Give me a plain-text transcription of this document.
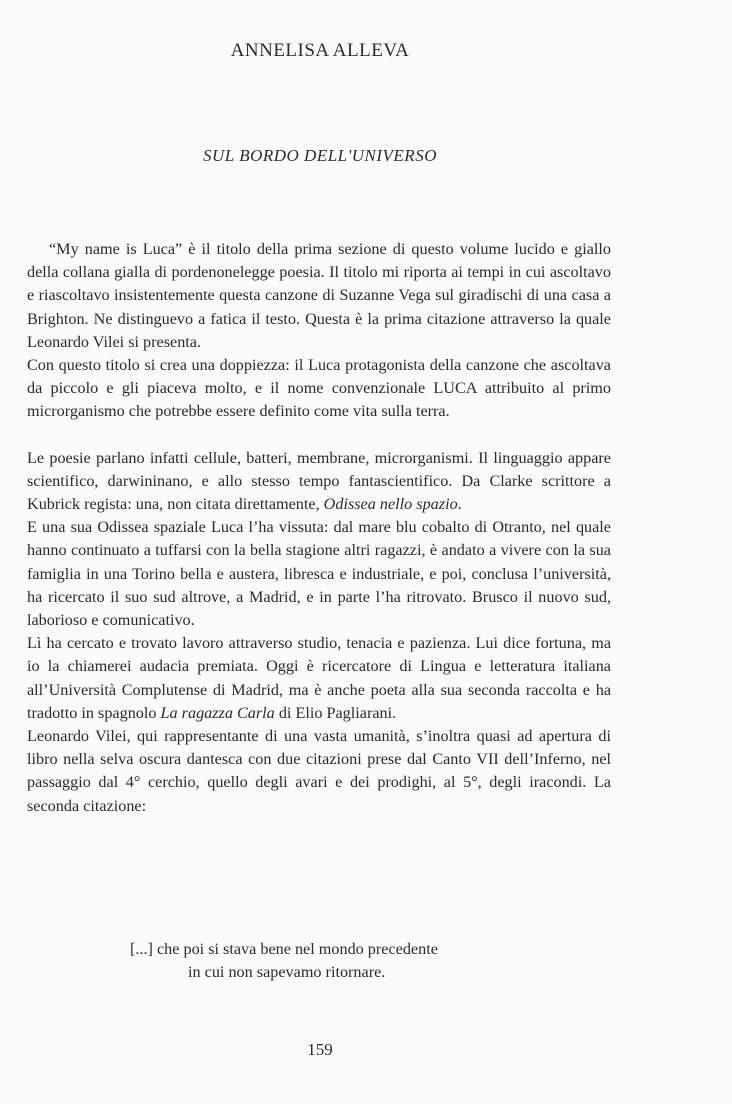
ANNELISA ALLEVA
SUL BORDO DELL'UNIVERSO

“My name is Luca” è il titolo della prima sezione di questo volume lucido e giallo della collana gialla di pordenonelegge poesia. Il titolo mi riporta ai tempi in cui ascoltavo e riascoltavo insistentemente questa canzone di Suzanne Vega sul giradischi di una casa a Brighton. Ne distinguevo a fatica il testo. Questa è la prima citazione attraverso la quale Leonardo Vilei si presenta.

Con questo titolo si crea una doppiezza: il Luca protagonista della canzone che ascoltava da piccolo e gli piaceva molto, e il nome convenzionale LUCA attribuito al primo microrganismo che potrebbe essere definito come vita sulla terra.

Le poesie parlano infatti cellule, batteri, membrane, microrganismi. Il linguaggio appare scientifico, darwininano, e allo stesso tempo fantascientifico. Da Clarke scrittore a Kubrick regista: una, non citata direttamente, Odissea nello spazio.

E una sua Odissea spaziale Luca l’ha vissuta: dal mare blu cobalto di Otranto, nel quale hanno continuato a tuffarsi con la bella stagione altri ragazzi, è andato a vivere con la sua famiglia in una Torino bella e austera, libresca e industriale, e poi, conclusa l’università, ha ricercato il suo sud altrove, a Madrid, e in parte l’ha ritrovato. Brusco il nuovo sud, laborioso e comunicativo.

Lì ha cercato e trovato lavoro attraverso studio, tenacia e pazienza. Lui dice fortuna, ma io la chiamerei audacia premiata. Oggi è ricercatore di Lingua e letteratura italiana all’Università Complutense di Madrid, ma è anche poeta alla sua seconda raccolta e ha tradotto in spagnolo La ragazza Carla di Elio Pagliarani.

Leonardo Vilei, qui rappresentante di una vasta umanità, s’inoltra quasi ad apertura di libro nella selva oscura dantesca con due citazioni prese dal Canto VII dell’Inferno, nel passaggio dal 4° cerchio, quello degli avari e dei prodighi, al 5°, degli iracondi. La seconda citazione:

[...] che poi si stava bene nel mondo precedente
in cui non sapevamo ritornare.
159
